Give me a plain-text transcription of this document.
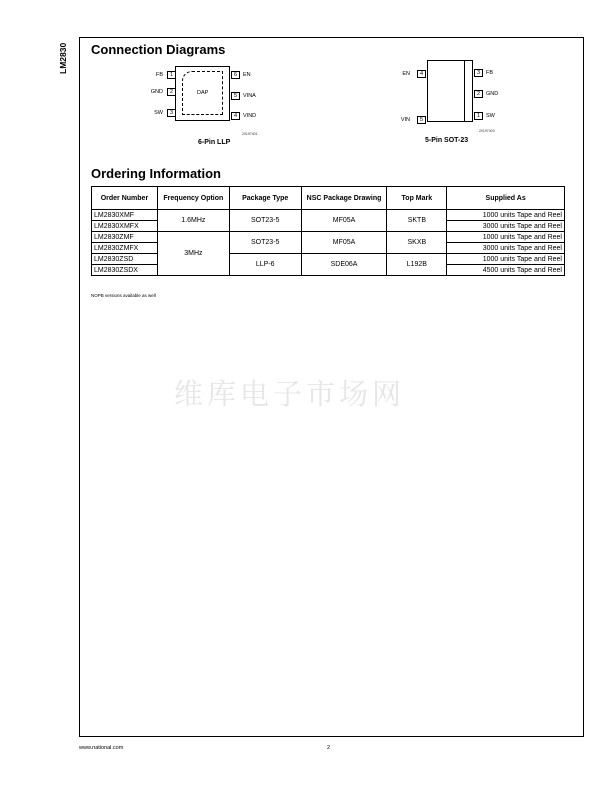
LM2830 Connection Diagrams
DAP
FB	1
GND	2
SW	3
6	EN
5	VINA
4	VIND
20197401
6-Pin LLP
EN	4
VIN	5
3	FB
2	GND
1	SW
20197403
5-Pin SOT-23
Ordering Information
Order Number	Frequency Option	Package Type	NSC Package Drawing	Top Mark	Supplied As
LM2830XMF	1.6MHz	SOT23-5	MF05A	SKTB	1000 units Tape and Reel
LM2830XMFX					3000 units Tape and Reel
LM2830ZMF	3MHz	SOT23-5	MF05A	SKXB	1000 units Tape and Reel
LM2830ZMFX					3000 units Tape and Reel
LM2830ZSD		LLP-6	SDE06A	L192B	1000 units Tape and Reel
LM2830ZSDX					4500 units Tape and Reel
NOPB versions available as well
维库电子市场网
www.national.com	2
